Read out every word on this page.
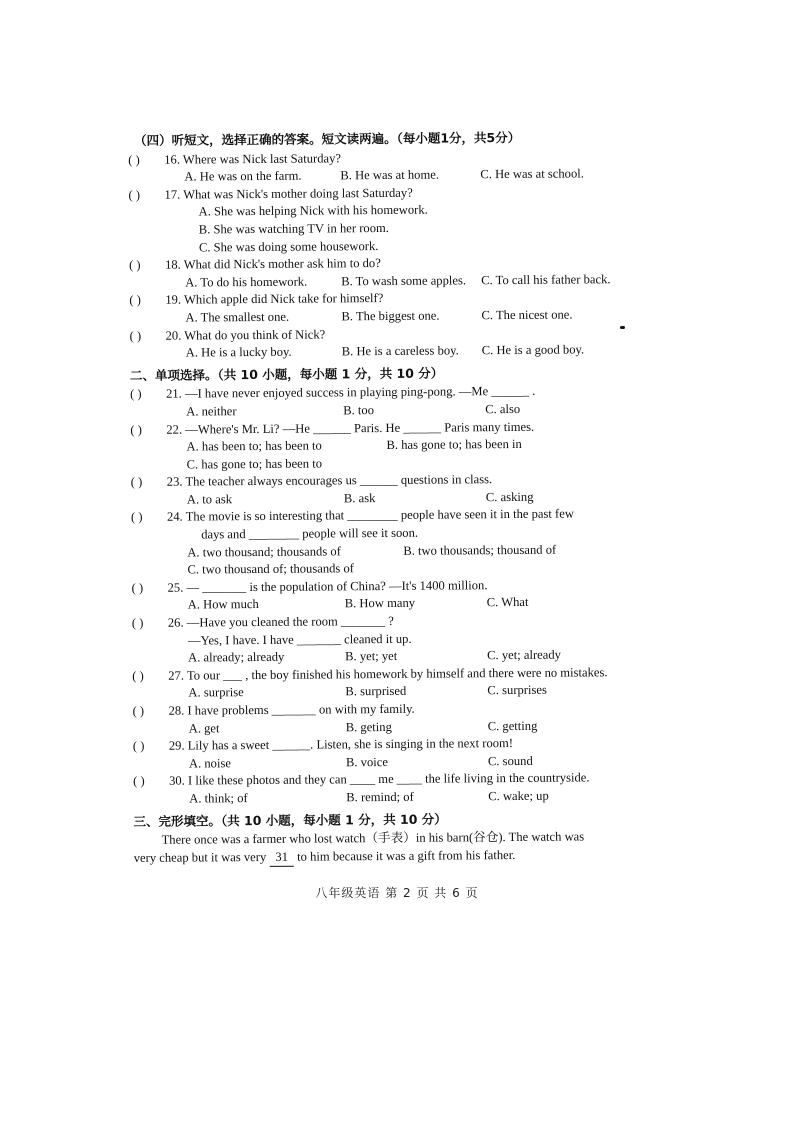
（四）听短文，选择正确的答案。短文读两遍。（每小题1分，共5分）
( ) 16. Where was Nick last Saturday?
A. He was on the farm.	B. He was at home.	C. He was at school.
( ) 17. What was Nick's mother doing last Saturday?
A. She was helping Nick with his homework.
B. She was watching TV in her room.
C. She was doing some housework.
( ) 18. What did Nick's mother ask him to do?
A. To do his homework.	B. To wash some apples.	C. To call his father back.
( ) 19. Which apple did Nick take for himself?
A. The smallest one.	B. The biggest one.	C. The nicest one.
( ) 20. What do you think of Nick?
A. He is a lucky boy.	B. He is a careless boy.	C. He is a good boy.
二、单项选择。（共 10 小题，每小题 1 分，共 10 分）
( ) 21. —I have never enjoyed success in playing ping-pong. —Me ______ .
A. neither	B. too	C. also
( ) 22. —Where's Mr. Li? —He ______ Paris. He ______ Paris many times.
A. has been to; has been to	B. has gone to; has been in
C. has gone to; has been to
( ) 23. The teacher always encourages us ______ questions in class.
A. to ask	B. ask	C. asking
( ) 24. The movie is so interesting that ________ people have seen it in the past few
days and ________ people will see it soon.
A. two thousand; thousands of	B. two thousands; thousand of
C. two thousand of; thousands of
( ) 25. — _______ is the population of China? —It's 1400 million.
A. How much	B. How many	C. What
( ) 26. —Have you cleaned the room _______ ?
—Yes, I have. I have _______ cleaned it up.
A. already; already	B. yet; yet	C. yet; already
( ) 27. To our ___ , the boy finished his homework by himself and there were no mistakes.
A. surprise	B. surprised	C. surprises
( ) 28. I have problems _______ on with my family.
A. get	B. geting	C. getting
( ) 29. Lily has a sweet ______. Listen, she is singing in the next room!
A. noise	B. voice	C. sound
( ) 30. I like these photos and they can ____ me ____ the life living in the countryside.
A. think; of	B. remind; of	C. wake; up
三、完形填空。（共 10 小题，每小题 1 分，共 10 分）
There once was a farmer who lost watch（手表）in his barn(谷仓). The watch was
very cheap but it was very 31 to him because it was a gift from his father.
八年级英语 第 2 页 共 6 页
